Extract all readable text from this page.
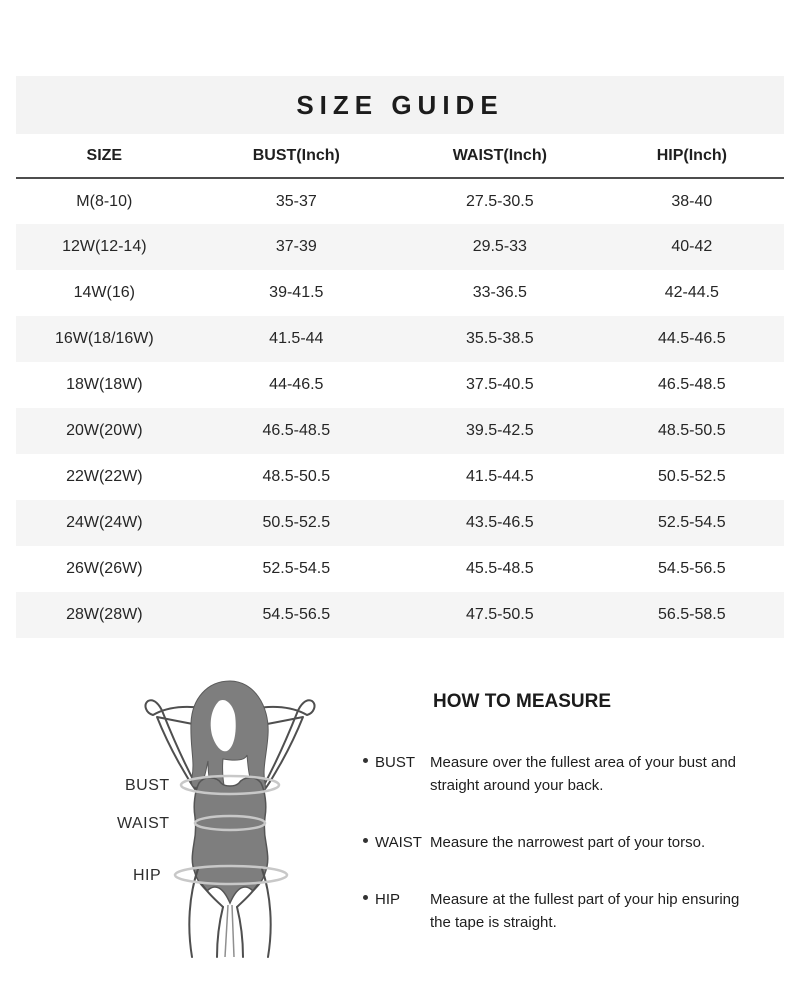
SIZE GUIDE
SIZE	BUST(Inch)	WAIST(Inch)	HIP(Inch)
M(8-10)	35-37	27.5-30.5	38-40
12W(12-14)	37-39	29.5-33	40-42
14W(16)	39-41.5	33-36.5	42-44.5
16W(18/16W)	41.5-44	35.5-38.5	44.5-46.5
18W(18W)	44-46.5	37.5-40.5	46.5-48.5
20W(20W)	46.5-48.5	39.5-42.5	48.5-50.5
22W(22W)	48.5-50.5	41.5-44.5	50.5-52.5
24W(24W)	50.5-52.5	43.5-46.5	52.5-54.5
26W(26W)	52.5-54.5	45.5-48.5	54.5-56.5
28W(28W)	54.5-56.5	47.5-50.5	56.5-58.5
BUST
WAIST
HIP
HOW TO MEASURE
BUST Measure over the fullest area of your bust and straight around your back.
WAIST Measure the narrowest part of your torso.
HIP	Measure at the fullest part of your hip ensuring the tape is straight.
